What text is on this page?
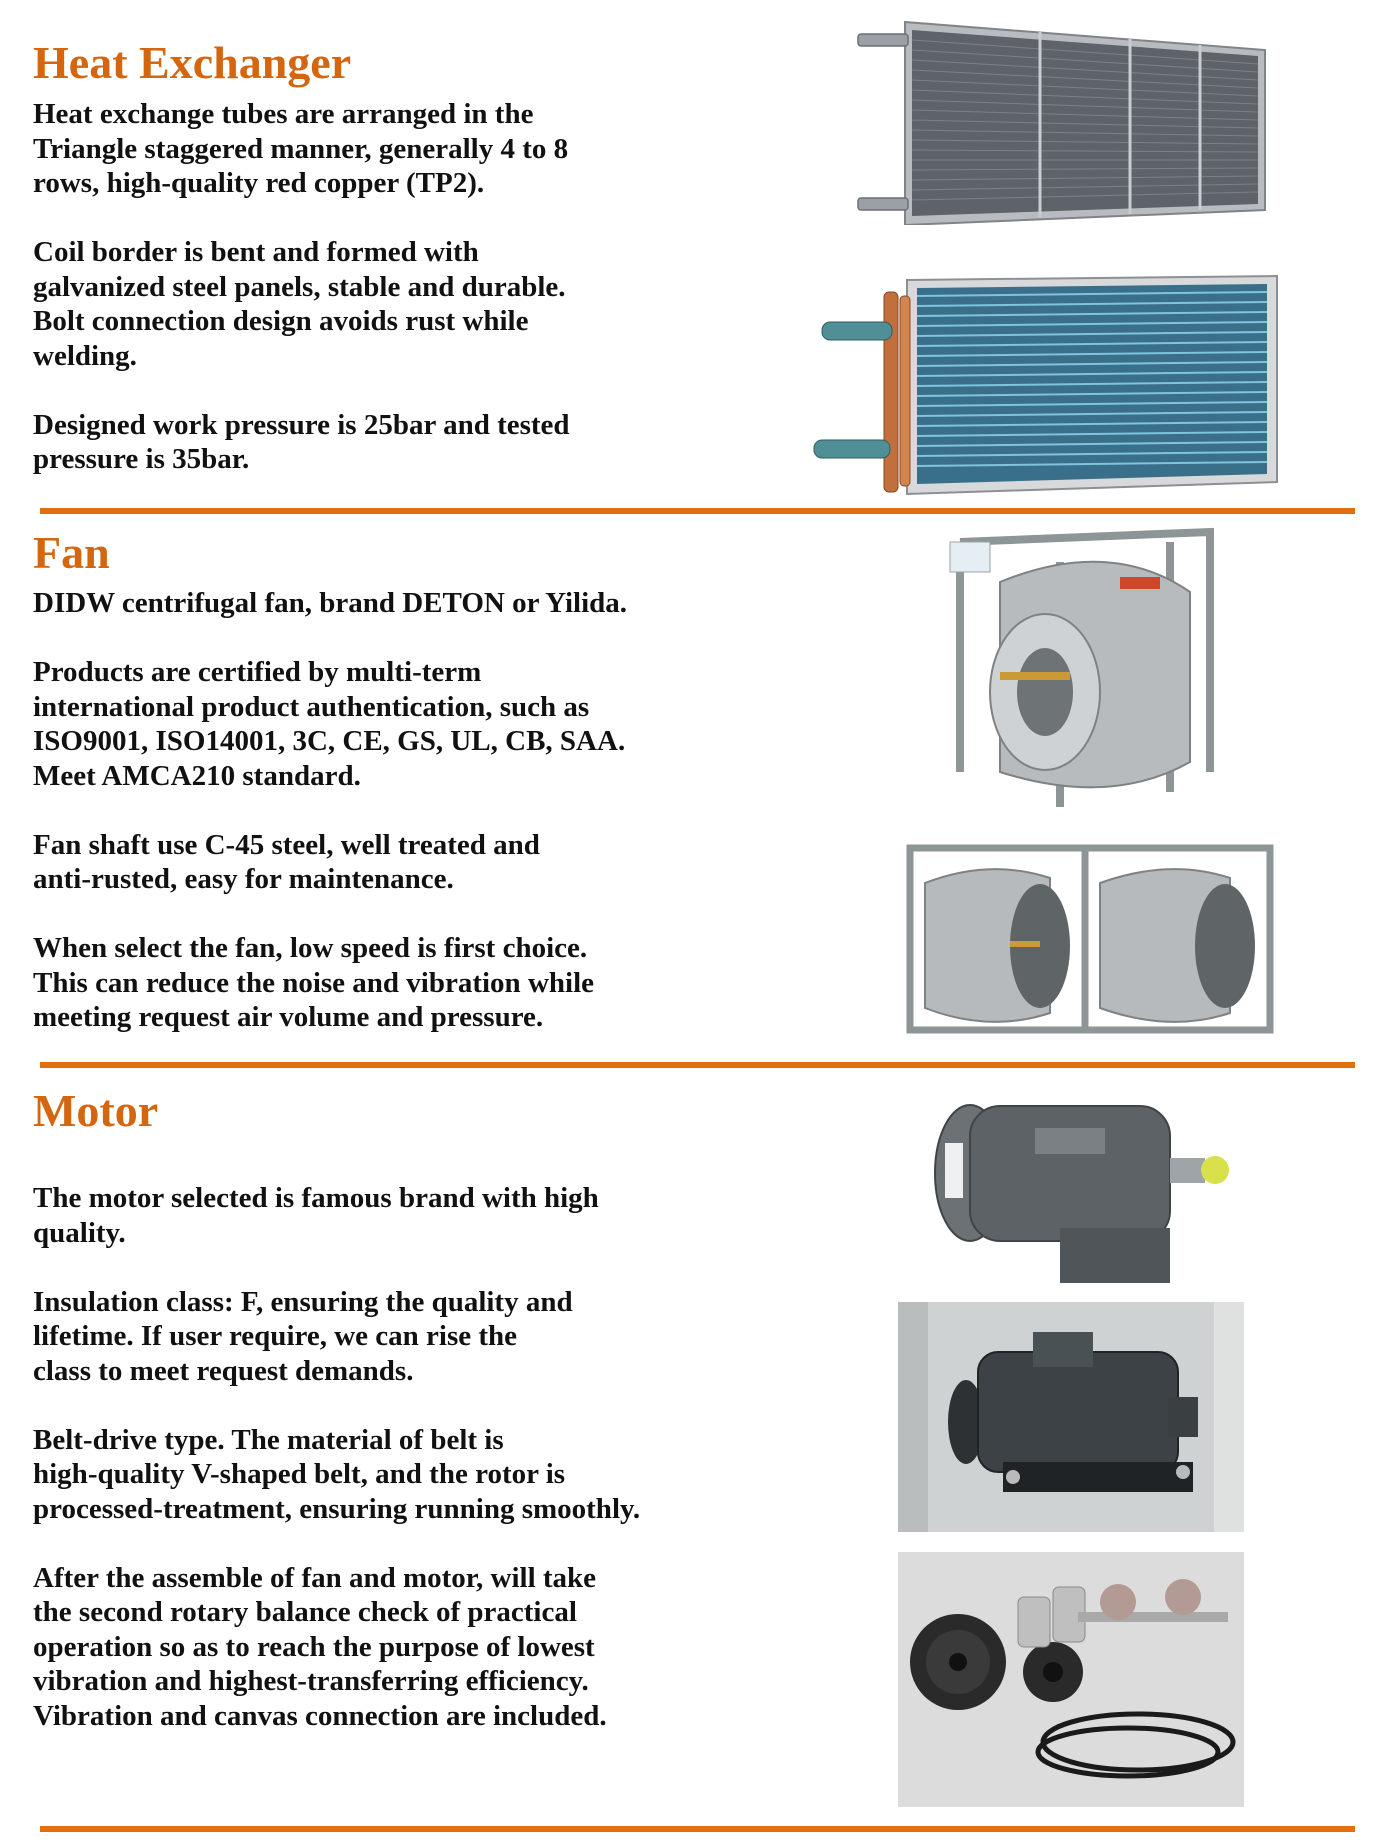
Heat Exchanger
Heat exchange tubes are arranged in the
Triangle staggered manner, generally 4 to 8
rows, high-quality red copper (TP2).
Coil border is bent and formed with
galvanized steel panels, stable and durable.
Bolt connection design avoids rust while
welding.
Designed work pressure is 25bar and tested
pressure is 35bar.
Fan
DIDW centrifugal fan, brand DETON or Yilida.
Products are certified by multi-term
international product authentication, such as
ISO9001, ISO14001, 3C, CE, GS, UL, CB, SAA.
Meet AMCA210 standard.
Fan shaft use C-45 steel, well treated and
anti-rusted, easy for maintenance.
When select the fan, low speed is first choice.
This can reduce the noise and vibration while
meeting request air volume and pressure.
Motor
The motor selected is famous brand with high
quality.
Insulation class: F, ensuring the quality and
lifetime. If user require, we can rise the
class to meet request demands.
Belt-drive type. The material of belt is
high-quality V-shaped belt, and the rotor is
processed-treatment, ensuring running smoothly.
After the assemble of fan and motor, will take
the second rotary balance check of practical
operation so as to reach the purpose of lowest
vibration and highest-transferring efficiency.
Vibration and canvas connection are included.
